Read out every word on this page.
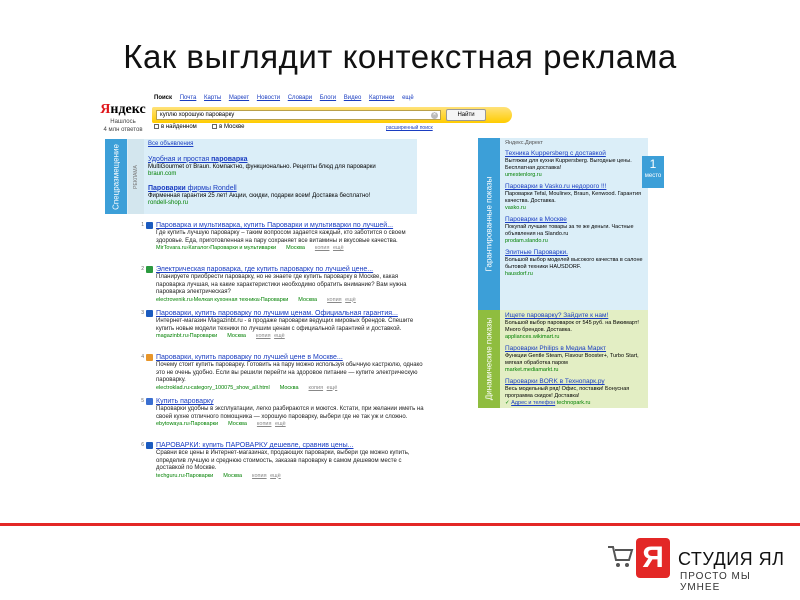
Как выглядит контекстная реклама
Яндекс
Нашлось
4 млн ответов
Поиск Почта Карты Маркет Новости Словари Блоги Видео Картинки ещё
куплю хорошую пароварку	×	Найти
в найденном	в Москве	расширенный поиск
Спецразмещение	РЕКЛАМА
Все объявления
Удобная и простая пароварка
MultiGourmet от Braun. Компактно, функционально. Рецепты блюд для пароварки
braun.com
Пароварки фирмы Rondell
Фирменная гарантия 25 лет! Акции, скидки, подарки всем! Доставка бесплатно!
rondell-shop.ru
1 Пароварка и мультиварка, купить Пароварки и мультиварки по лучшей...
Где купить лучшую пароварку – таким вопросом задается каждый, кто заботится о своем здоровье. Еда, приготовленная на пару сохраняет все витамины и вкусовые качества.
MirTovara.ru›Каталог›Пароварки и мультиварки Москва копия ещё
2 Электрическая пароварка, где купить пароварку по лучшей цене...
Планируете приобрести пароварку, но не знаете где купить пароварку в Москве, какая пароварка лучшая, на какие характеристики необходимо обратить внимание? Вам нужна пароварка электрическая?
electrovenik.ru›Мелкая кухонная техника›Пароварки Москва копия ещё
3 Пароварки, купить пароварку по лучшим ценам. Официальная гарантия...
Интернет-магазин Magazinbt.ru - в продаже пароварки ведущих мировых брендов. Спешите купить новые модели техники по лучшим ценам с официальной гарантией и доставкой.
magazinbt.ru›Пароварки Москва копия ещё
4 Пароварки, купить пароварку по лучшей цене в Москве...
Почему стоит купить пароварку. Готовить на пару можно используя обычную кастрюлю, однако это не очень удобно. Если вы решили перейти на здоровое питание — купите электрическую пароварку.
electroklad.ru›category_100075_show_all.html Москва копия ещё
5 Купить пароварку
Пароварки удобны в эксплуатации, легко разбираются и моются. Кстати, при желании иметь на своей кухне отличного помощника — хорошую пароварку, выбери где не так уж и сложно.
ebytowaya.ru›Пароварки Москва копия ещё
6 ПАРОВАРКИ: купить ПАРОВАРКУ дешевле, сравнив цены...
Сравни все цены в Интернет-магазинах, продающих пароварки, выбери где можно купить, определив лучшую и среднюю стоимость, заказав пароварку в самом дешевом месте с доставкой по Москве.
techguru.ru›Пароварки Москва копия ещё
Гарантированные показы
Яндекс.Директ
Техника Kuppersberg с доставкой
Вытяжки для кухни Kuppersberg. Выгодные цены. Бесплатная доставка!
umestenlorg.ru
Пароварки в Vasko.ru недорого !!!
Пароварки Tefal, Moulinex, Braun, Kenwood. Гарантия качества. Доставка.
vasko.ru
Пароварки в Москве
Покупай лучшие товары за те же деньги. Частные объявления на Slando.ru
prodam.slando.ru
Элитные Пароварки.
Большой выбор моделей высокого качества в салоне бытовой техники HAUSDORF.
hausdorf.ru
1
место
Динамические показы
Ищете пароварку? Зайдите к нам!
Большой выбор пароварок от 545 руб. на Викимарт! Много брендов. Доставка.
appliances.wikimart.ru
Пароварки Philips в Медиа Маркт
Функции Gentle Steam, Flavour Booster+, Turbo Start, мягкая обработка паром
market.mediamarkt.ru
Пароварки BORK в Технопарк.ру
Весь модельный ряд! Офис, поставки! Бонусная программа скидок! Доставка!
✓ Адрес и телефон technopark.ru
Я СТУДИЯ ЯЛ
ПРОСТО МЫ УМНЕЕ
